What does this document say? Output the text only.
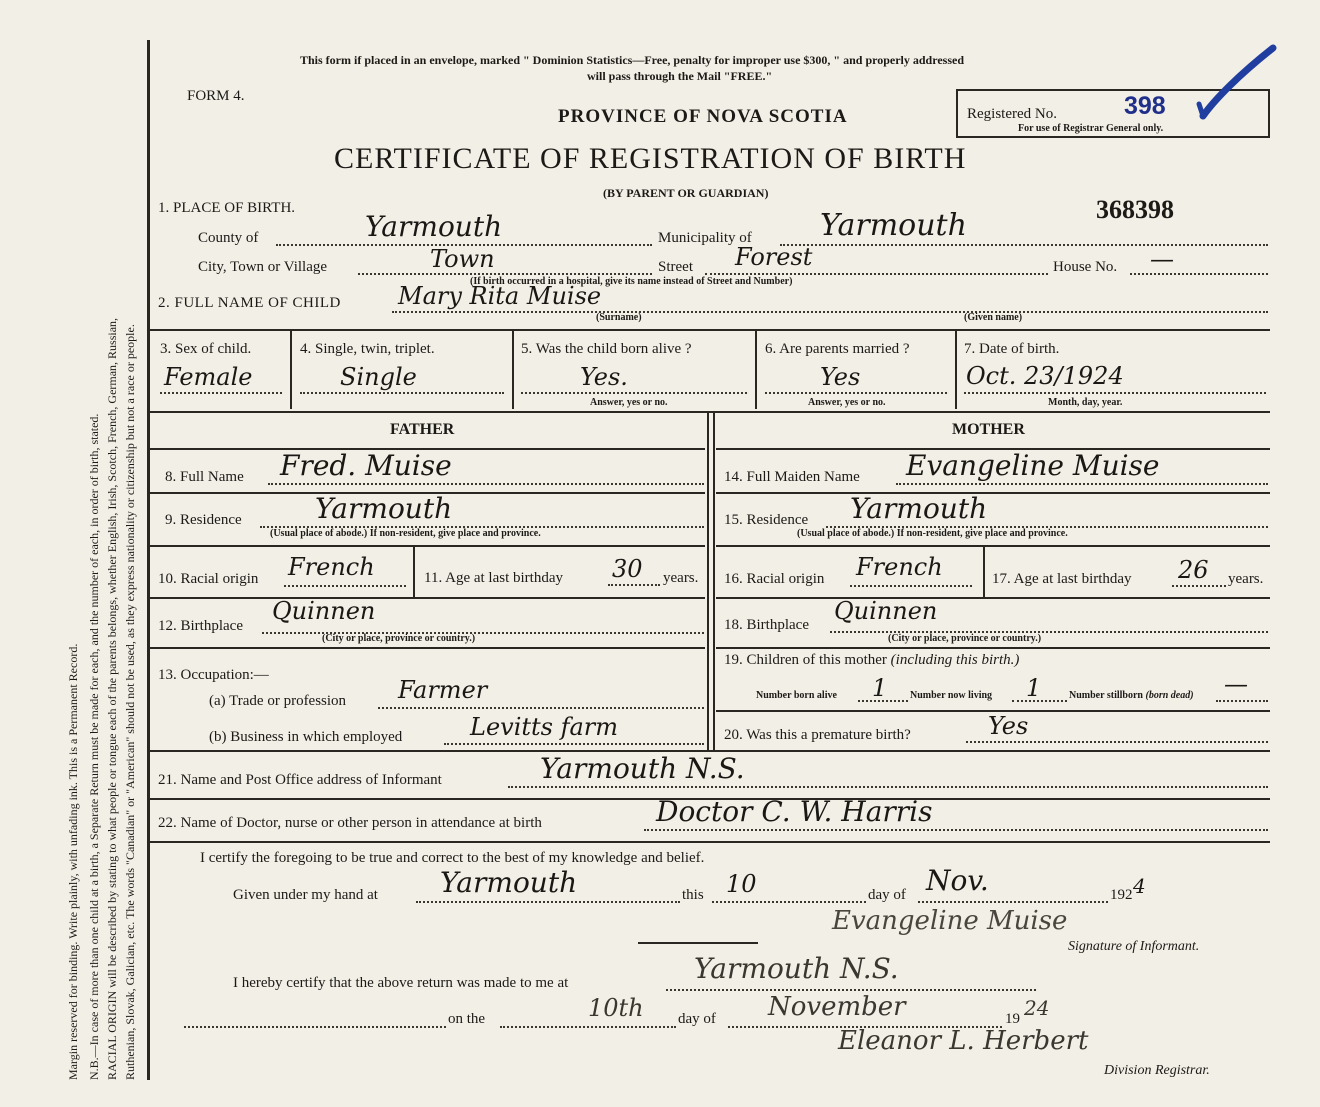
Margin reserved for binding. Write plainly, with unfading ink. This is a Permanent Record. N.B.—In case of more than one child at a birth, a Separate Return must be made for each, and the number of each, in order of birth, stated. RACIAL ORIGIN will be described by stating to what people or tongue each of the parents belongs, whether English, Irish, Scotch, French, German, Russian, Ruthenian, Slovak, Galician, etc. The words "Canadian" or "American" should not be used, as they express nationality or citizenship but not a race or people.
This form if placed in an envelope, marked " Dominion Statistics—Free, penalty for improper use $300, " and properly addressed
will pass through the Mail "FREE."
FORM 4.
PROVINCE OF NOVA SCOTIA	Registered No.	398
For use of Registrar General only.
CERTIFICATE OF REGISTRATION OF BIRTH
(BY PARENT OR GUARDIAN)
368398
1. PLACE OF BIRTH.
County of	Yarmouth	Municipality of Yarmouth
City, Town or Village	Town	Street Forest	House No. —
(If birth occurred in a hospital, give its name instead of Street and Number)
2. FULL NAME OF CHILD Mary Rita Muise
(Surname)	(Given name)
3. Sex of child.
Female
4. Single, twin, triplet.
Single
5. Was the child born alive ?
Yes.
Answer, yes or no.
6. Are parents married ?
Yes
Answer, yes or no.
7. Date of birth.
Oct. 23/1924
Month, day, year.
FATHER	MOTHER
8. Full Name Fred. Muise
9. Residence	Yarmouth
(Usual place of abode.) If non-resident, give place and province.
10. Racial origin French	11. Age at last birthday 30 years.
12. Birthplace
Quinnen
(City or place, province or country.)
13. Occupation:—
(a) Trade or profession Farmer
(b) Business in which employed	Levitts farm
14. Full Maiden Name Evangeline Muise
15. Residence Yarmouth
(Usual place of abode.) If non-resident, give place and province.
16. Racial origin French	17. Age at last birthday 26 years.
18. Birthplace Quinnen
(City or place, province or country.)
19. Children of this mother (including this birth.)
Number born alive 1 Number now living 1	Number stillborn (born dead) —
20. Was this a premature birth?	Yes
21. Name and Post Office address of Informant	Yarmouth N.S.
22. Name of Doctor, nurse or other person in attendance at birth	Doctor C. W. Harris
I certify the foregoing to be true and correct to the best of my knowledge and belief.
Given under my hand at Yarmouth	this 10	day of Nov.	192 4
Evangeline Muise
Signature of Informant.
I hereby certify that the above return was made to me at	Yarmouth N.S.
on the	10th day of November	19 24
Eleanor L. Herbert
Division Registrar.
